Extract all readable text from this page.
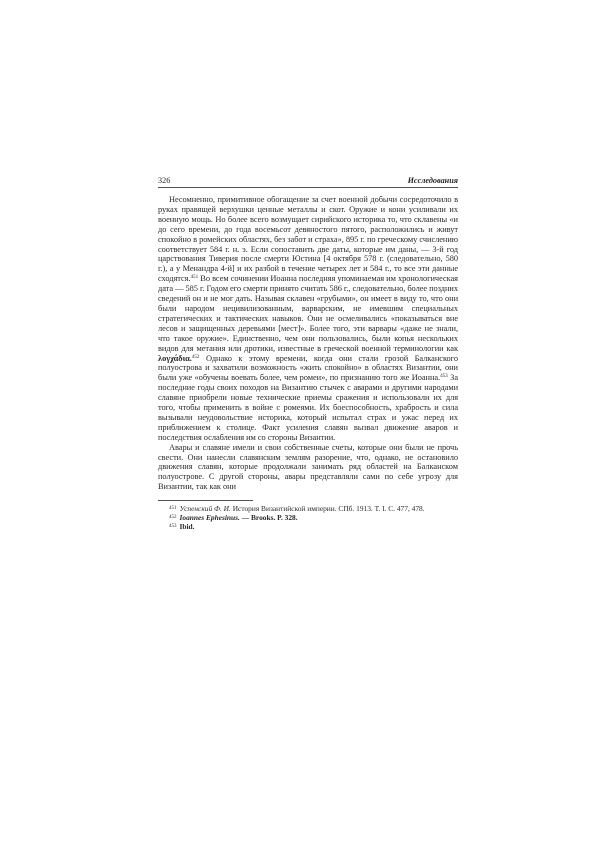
326	Исследования

Несомненно, примитивное обогащение за счет военной добычи сосредоточило в руках правящей верхушки ценные металлы и скот. Оружие и кони усиливали их военную мощь. Но более всего возмущает сирийского историка то, что склавены «и до сего времени, до года восемьсот девяностого пятого, расположились и живут спокойно в ромейских областях, без забот и страха», 895 г. по греческому счислению соответствует 584 г. н. э. Если сопоставить две даты, которые им даны, — 3-й год царствования Тиверия после смерти Юстина [4 октября 578 г. (следовательно, 580 г.), а у Менандра 4-й] и их разбой в течение четырех лет и 584 г., то все эти данные сходятся.$^{451}$ Во всем сочинении Иоанна последняя упоминаемая им хронологическая дата — 585 г. Годом его смерти принято считать 586 г., следовательно, более поздних сведений он и не мог дать. Называя склавен «грубыми», он имеет в виду то, что они были народом нецивилизованным, варварским, не имевшим специальных стратегических и тактических навыков. Они не осмеливались «показываться вне лесов и защищенных деревьями [мест]». Более того, эти варвары «даже не знали, что такое оружие». Единственно, чем они пользовались, были копья нескольких видов для метания или дротики, известные в греческой военной терминологии как λογχάδια.$^{452}$ Однако к этому времени, когда они стали грозой Балканского полуострова и захватили возможность «жить спокойно» в областях Византии, они были уже «обучены воевать более, чем ромеи», по признанию того же Иоанна.$^{453}$ За последние годы своих походов на Византию стычек с аварами и другими народами славяне приобрели новые технические приемы сражения и использовали их для того, чтобы применить в войне с ромеями. Их боеспособность, храбрость и сила вызывали неудовольствие историка, который испытал страх и ужас перед их приближением к столице. Факт усиления славян вызвал движение аваров и последствия ослабления им со стороны Византии.

Авары и славяне имели и свои собственные счеты, которые они были не прочь свести. Они нанесли славянским землям разорение, что, однако, не остановило движения славян, которые продолжали занимать ряд областей на Балканском полуострове. С другой стороны, авары представляли сами по себе угрозу для Византии, так как они

$^{451}$ Успенский Ф. И. История Византийской империи. СПб. 1913. Т. I. С. 477, 478.

$^{452}$ Ioannes Ephesinus. — Brooks. P. 328.

$^{453}$ Ibid.
